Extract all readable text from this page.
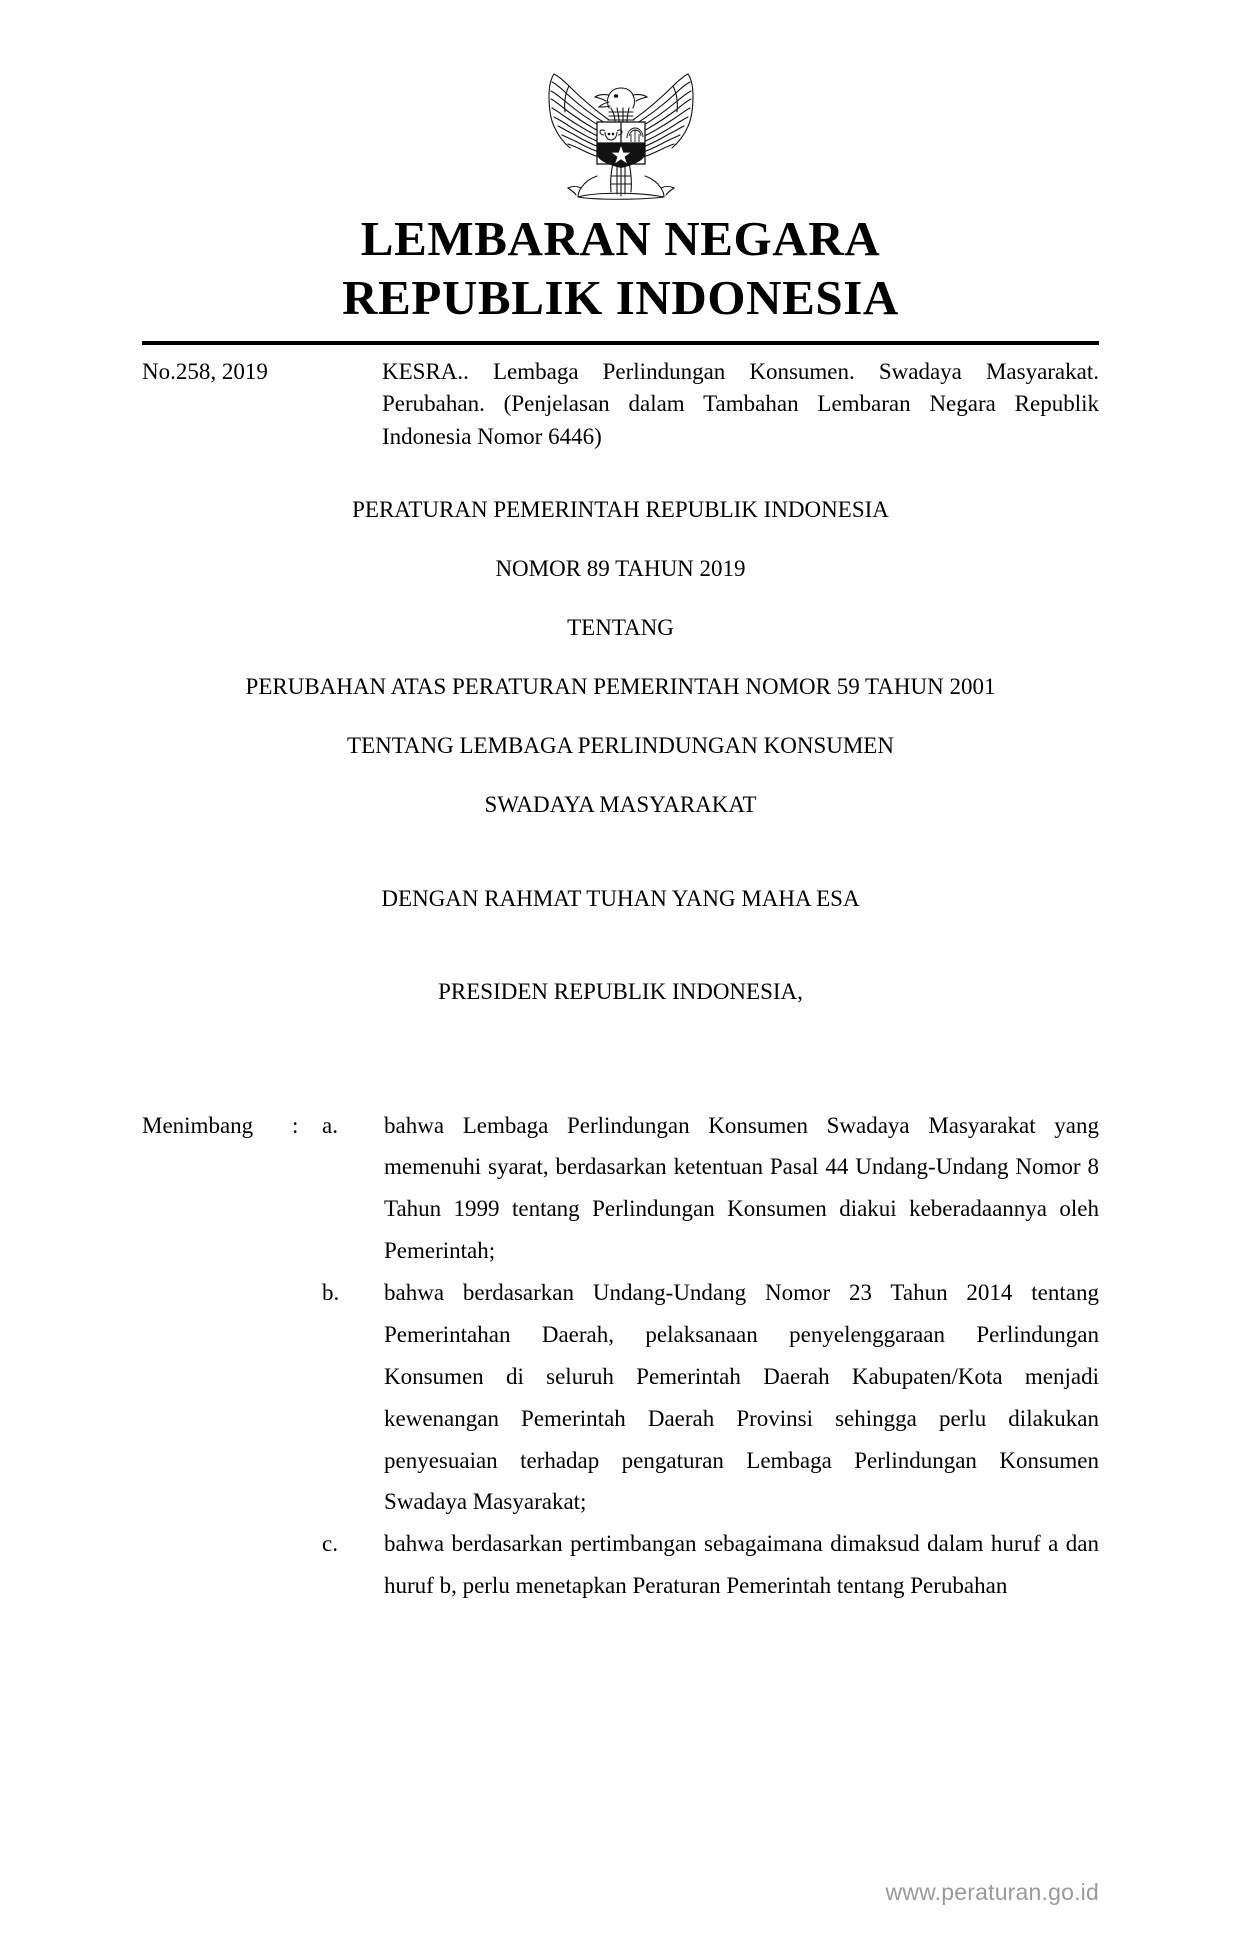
LEMBARAN NEGARA
REPUBLIK INDONESIA
No.258, 2019	KESRA.. Lembaga Perlindungan Konsumen. Swadaya Masyarakat. Perubahan. (Penjelasan dalam Tambahan Lembaran Negara Republik Indonesia Nomor 6446)
PERATURAN PEMERINTAH REPUBLIK INDONESIA
NOMOR 89 TAHUN 2019
TENTANG
PERUBAHAN ATAS PERATURAN PEMERINTAH NOMOR 59 TAHUN 2001
TENTANG LEMBAGA PERLINDUNGAN KONSUMEN
SWADAYA MASYARAKAT
DENGAN RAHMAT TUHAN YANG MAHA ESA
PRESIDEN REPUBLIK INDONESIA,
Menimbang	:	a.	bahwa Lembaga Perlindungan Konsumen Swadaya Masyarakat yang memenuhi syarat, berdasarkan ketentuan Pasal 44 Undang-Undang Nomor 8 Tahun 1999 tentang Perlindungan Konsumen diakui keberadaannya oleh Pemerintah;
b.	bahwa berdasarkan Undang-Undang Nomor 23 Tahun 2014 tentang Pemerintahan Daerah, pelaksanaan penyelenggaraan Perlindungan Konsumen di seluruh Pemerintah Daerah Kabupaten/Kota menjadi kewenangan Pemerintah Daerah Provinsi sehingga perlu dilakukan penyesuaian terhadap pengaturan Lembaga Perlindungan Konsumen Swadaya Masyarakat;
c.	bahwa berdasarkan pertimbangan sebagaimana dimaksud dalam huruf a dan huruf b, perlu menetapkan Peraturan Pemerintah tentang Perubahan
www.peraturan.go.id
